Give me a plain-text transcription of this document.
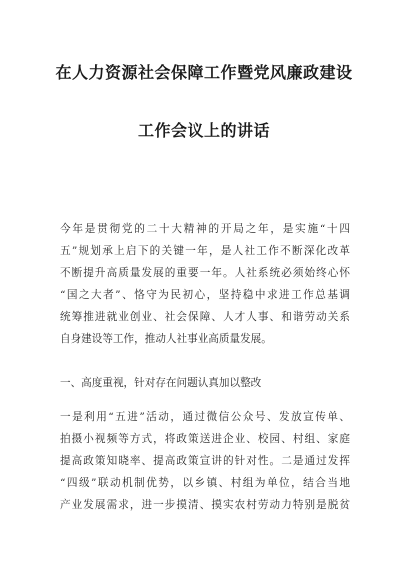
在人力资源社会保障工作暨党风廉政建设
工作会议上的讲话
今年是贯彻党的二十大精神的开局之年，是实施“十四
五”规划承上启下的关键一年，是人社工作不断深化改革
不断提升高质量发展的重要一年。人社系统必须始终心怀
“国之大者”、恪守为民初心，坚持稳中求进工作总基调
统筹推进就业创业、社会保障、人才人事、和谐劳动关系
自身建设等工作，推动人社事业高质量发展。
一、高度重视，针对存在问题认真加以整改
一是利用“五进”活动，通过微信公众号、发放宣传单、
拍摄小视频等方式，将政策送进企业、校园、村组、家庭
提高政策知晓率、提高政策宣讲的针对性。二是通过发挥
“四级”联动机制优势，以乡镇、村组为单位，结合当地
产业发展需求，进一步摸清、摸实农村劳动力特别是脱贫
